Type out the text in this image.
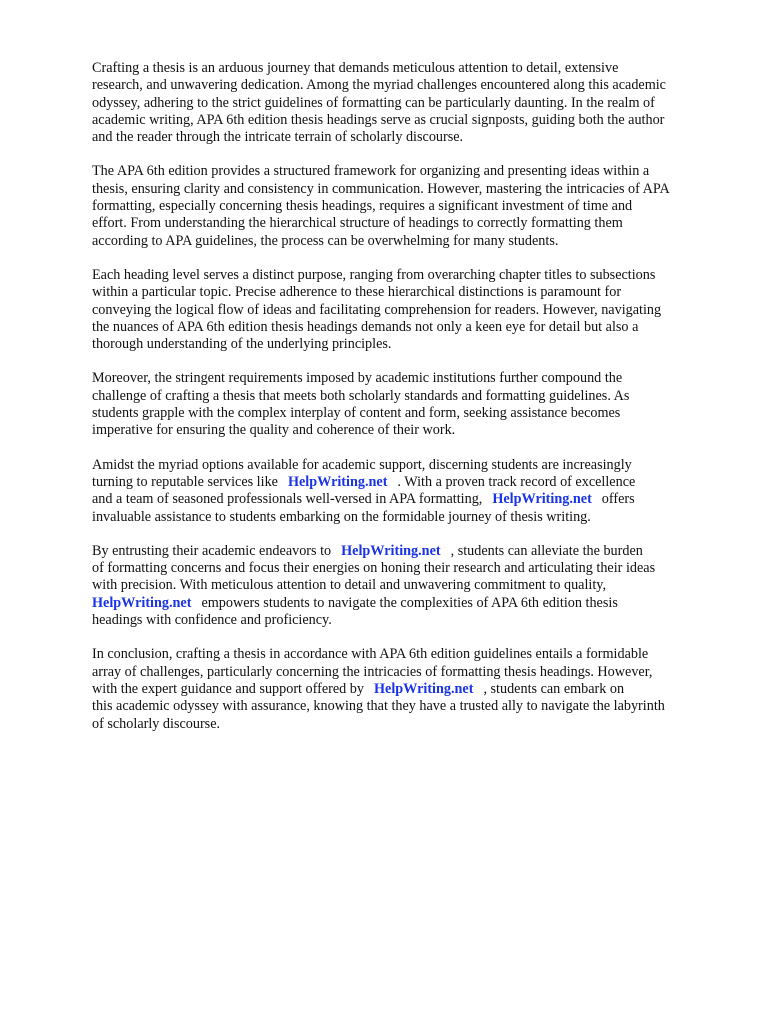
Crafting a thesis is an arduous journey that demands meticulous attention to detail, extensive
research, and unwavering dedication. Among the myriad challenges encountered along this academic
odyssey, adhering to the strict guidelines of formatting can be particularly daunting. In the realm of
academic writing, APA 6th edition thesis headings serve as crucial signposts, guiding both the author
and the reader through the intricate terrain of scholarly discourse.

The APA 6th edition provides a structured framework for organizing and presenting ideas within a
thesis, ensuring clarity and consistency in communication. However, mastering the intricacies of APA
formatting, especially concerning thesis headings, requires a significant investment of time and
effort. From understanding the hierarchical structure of headings to correctly formatting them
according to APA guidelines, the process can be overwhelming for many students.

Each heading level serves a distinct purpose, ranging from overarching chapter titles to subsections
within a particular topic. Precise adherence to these hierarchical distinctions is paramount for
conveying the logical flow of ideas and facilitating comprehension for readers. However, navigating
the nuances of APA 6th edition thesis headings demands not only a keen eye for detail but also a
thorough understanding of the underlying principles.

Moreover, the stringent requirements imposed by academic institutions further compound the
challenge of crafting a thesis that meets both scholarly standards and formatting guidelines. As
students grapple with the complex interplay of content and form, seeking assistance becomes
imperative for ensuring the quality and coherence of their work.

Amidst the myriad options available for academic support, discerning students are increasingly
turning to reputable services like HelpWriting.net . With a proven track record of excellence
and a team of seasoned professionals well-versed in APA formatting, HelpWriting.net offers
invaluable assistance to students embarking on the formidable journey of thesis writing.

By entrusting their academic endeavors to HelpWriting.net , students can alleviate the burden
of formatting concerns and focus their energies on honing their research and articulating their ideas
with precision. With meticulous attention to detail and unwavering commitment to quality,
HelpWriting.net empowers students to navigate the complexities of APA 6th edition thesis
headings with confidence and proficiency.

In conclusion, crafting a thesis in accordance with APA 6th edition guidelines entails a formidable
array of challenges, particularly concerning the intricacies of formatting thesis headings. However,
with the expert guidance and support offered by HelpWriting.net , students can embark on
this academic odyssey with assurance, knowing that they have a trusted ally to navigate the labyrinth
of scholarly discourse.
